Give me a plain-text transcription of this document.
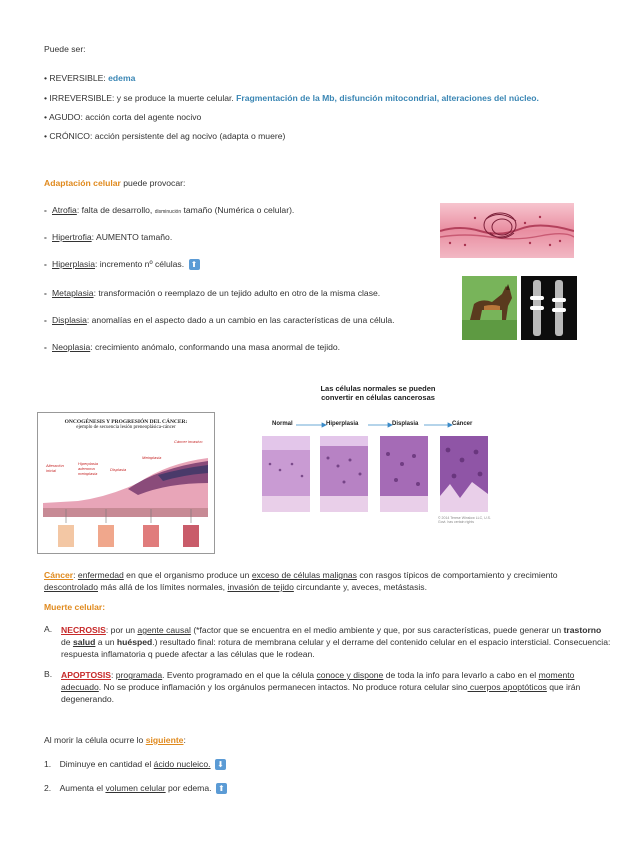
Puede ser:
• REVERSIBLE: edema
• IRREVERSIBLE: y se produce la muerte celular. Fragmentación de la Mb, disfunción mitocondrial, alteraciones del núcleo.
• AGUDO: acción corta del agente nocivo
• CRÓNICO: acción persistente del ag nocivo (adapta o muere)
Adaptación celular puede provocar:
- Atrofia: falta de desarrollo, disminución tamaño (Numérica o celular).
- Hipertrofia: AUMENTO tamaño.
- Hiperplasia: incremento nº células. ⬆
- Metaplasia: transformación o reemplazo de un tejido adulto en otro de la misma clase.
- Displasia: anomalías en el aspecto dado a un cambio en las características de una célula.
- Neoplasia: crecimiento anómalo, conformando una masa anormal de tejido.
ONCOGÉNESIS Y PROGRESIÓN DEL CÁNCER:
ejemplo de secuencia lesión preneoplásica-cáncer
Alteración inicial
Hiperplasia adenoma metaplasia
Displasia
Metaplasia
Cáncer invasivo
Las células normales se pueden
convertir en células cancerosas
Normal	Hiperplasia	Displasia	Cáncer
© 2014 Terese Winslow LLC, U.S. Govt. has certain rights
Cáncer: enfermedad en que el organismo produce un exceso de células malignas con rasgos típicos de comportamiento y crecimiento descontrolado más allá de los límites normales, invasión de tejido circundante y, aveces, metástasis.
Muerte celular:
A. NECROSIS: por un agente causal (*factor que se encuentra en el medio ambiente y que, por sus características, puede generar un trastorno de salud a un huésped.) resultado final: rotura de membrana celular y el derrame del contenido celular en el espacio intersticial. Consecuencia: respuesta inflamatoria q puede afectar a las células que le rodean.
B. APOPTOSIS: programada. Evento programado en el que la célula conoce y dispone de toda la info para levarlo a cabo en el momento adecuado. No se produce inflamación y los orgánulos permanecen intactos. No produce rotura celular sino cuerpos apoptóticos que irán degenerando.
Al morir la célula ocurre lo siguiente:
1. Diminuye en cantidad el ácido nucleico. ⬇
2. Aumenta el volumen celular por edema. ⬆
